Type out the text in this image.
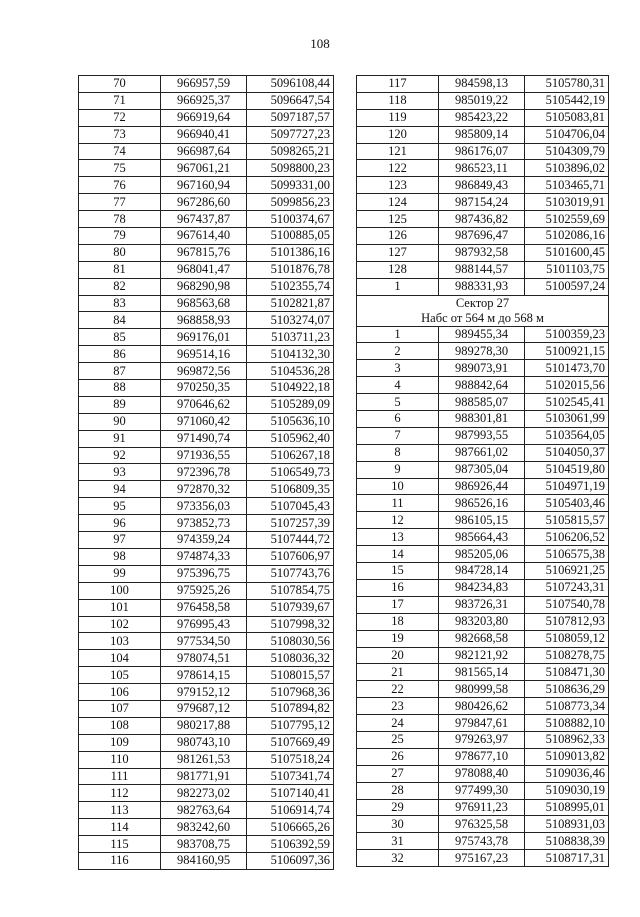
108
70	966957,59	5096108,44
71	966925,37	5096647,54
72	966919,64	5097187,57
73	966940,41	5097727,23
74	966987,64	5098265,21
75	967061,21	5098800,23
76	967160,94	5099331,00
77	967286,60	5099856,23
78	967437,87	5100374,67
79	967614,40	5100885,05
80	967815,76	5101386,16
81	968041,47	5101876,78
82	968290,98	5102355,74
83	968563,68	5102821,87
84	968858,93	5103274,07
85	969176,01	5103711,23
86	969514,16	5104132,30
87	969872,56	5104536,28
88	970250,35	5104922,18
89	970646,62	5105289,09
90	971060,42	5105636,10
91	971490,74	5105962,40
92	971936,55	5106267,18
93	972396,78	5106549,73
94	972870,32	5106809,35
95	973356,03	5107045,43
96	973852,73	5107257,39
97	974359,24	5107444,72
98	974874,33	5107606,97
99	975396,75	5107743,76
100	975925,26	5107854,75
101	976458,58	5107939,67
102	976995,43	5107998,32
103	977534,50	5108030,56
104	978074,51	5108036,32
105	978614,15	5108015,57
106	979152,12	5107968,36
107	979687,12	5107894,82
108	980217,88	5107795,12
109	980743,10	5107669,49
110	981261,53	5107518,24
111	981771,91	5107341,74
112	982273,02	5107140,41
113	982763,64	5106914,74
114	983242,60	5106665,26
115	983708,75	5106392,59
116	984160,95	5106097,36
117	984598,13	5105780,31
118	985019,22	5105442,19
119	985423,22	5105083,81
120	985809,14	5104706,04
121	986176,07	5104309,79
122	986523,11	5103896,02
123	986849,43	5103465,71
124	987154,24	5103019,91
125	987436,82	5102559,69
126	987696,47	5102086,16
127	987932,58	5101600,45
128	988144,57	5101103,75
1	988331,93	5100597,24

Сектор 27
Набс от 564 м до 568 м		

1	989455,34	5100359,23
2	989278,30	5100921,15
3	989073,91	5101473,70
4	988842,64	5102015,56
5	988585,07	5102545,41
6	988301,81	5103061,99
7	987993,55	5103564,05
8	987661,02	5104050,37
9	987305,04	5104519,80
10	986926,44	5104971,19
11	986526,16	5105403,46
12	986105,15	5105815,57
13	985664,43	5106206,52
14	985205,06	5106575,38
15	984728,14	5106921,25
16	984234,83	5107243,31
17	983726,31	5107540,78
18	983203,80	5107812,93
19	982668,58	5108059,12
20	982121,92	5108278,75
21	981565,14	5108471,30
22	980999,58	5108636,29
23	980426,62	5108773,34
24	979847,61	5108882,10
25	979263,97	5108962,33
26	978677,10	5109013,82
27	978088,40	5109036,46
28	977499,30	5109030,19
29	976911,23	5108995,01
30	976325,58	5108931,03
31	975743,78	5108838,39
32	975167,23	5108717,31
